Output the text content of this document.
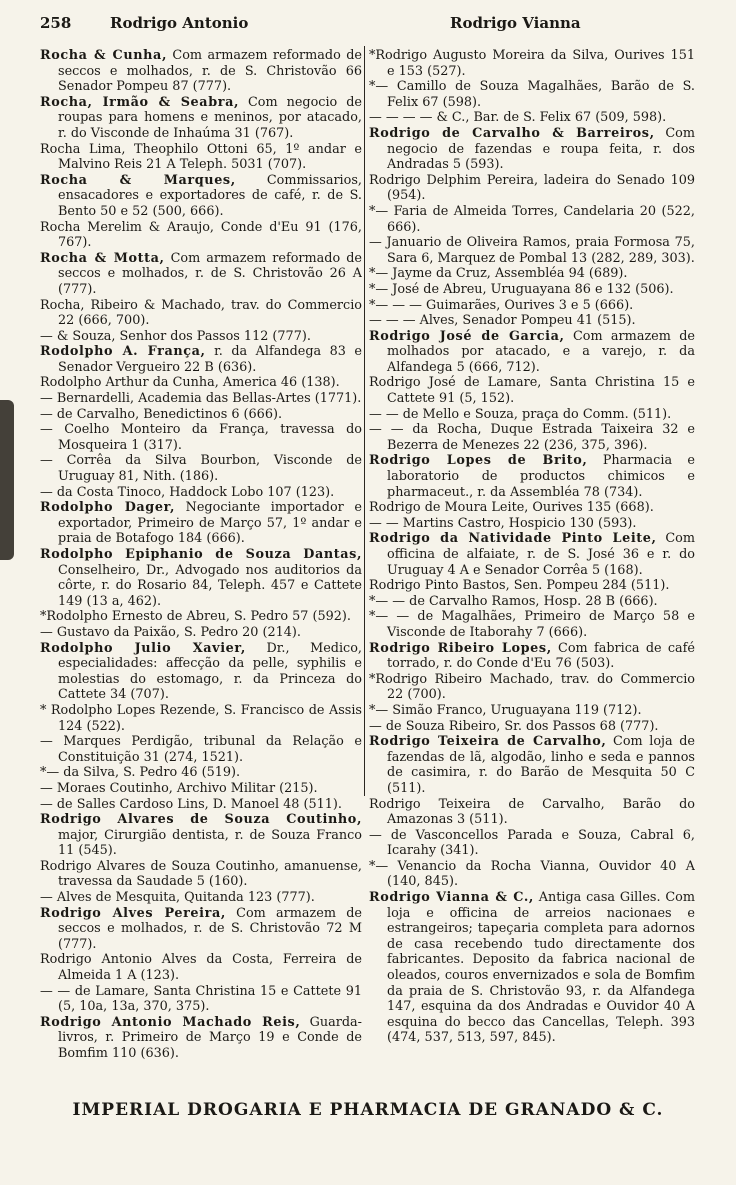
258	Rodrigo Antonio	Rodrigo Vianna

Rocha & Cunha, Com armazem reformado de seccos e molhados, r. de S. Christovão 66 Senador Pompeu 87 (777).

Rocha, Irmão & Seabra, Com negocio de roupas para homens e meninos, por atacado, r. do Visconde de Inhaúma 31 (767).

Rocha Lima, Theophilo Ottoni 65, 1º andar e Malvino Reis 21 A Teleph. 5031 (707).

Rocha & Marques, Commissarios, ensacadores e exportadores de café, r. de S. Bento 50 e 52 (500, 666).

Rocha Merelim & Araujo, Conde d'Eu 91 (176, 767).

Rocha & Motta, Com armazem reformado de seccos e molhados, r. de S. Christovão 26 A (777).

Rocha, Ribeiro & Machado, trav. do Commercio 22 (666, 700).

— & Souza, Senhor dos Passos 112 (777).

Rodolpho A. França, r. da Alfandega 83 e Senador Vergueiro 22 B (636).

Rodolpho Arthur da Cunha, America 46 (138).

— Bernardelli, Academia das Bellas-Artes (1771).

— de Carvalho, Benedictinos 6 (666).

— Coelho Monteiro da França, travessa do Mosqueira 1 (317).

— Corrêa da Silva Bourbon, Visconde de Uruguay 81, Nith. (186).

— da Costa Tinoco, Haddock Lobo 107 (123).

Rodolpho Dager, Negociante importador e exportador, Primeiro de Março 57, 1º andar e praia de Botafogo 184 (666).

Rodolpho Epiphanio de Souza Dantas, Conselheiro, Dr., Advogado nos auditorios da côrte, r. do Rosario 84, Teleph. 457 e Cattete 149 (13 a, 462).

*Rodolpho Ernesto de Abreu, S. Pedro 57 (592).

— Gustavo da Paixão, S. Pedro 20 (214).

Rodolpho Julio Xavier, Dr., Medico, especialidades: affecção da pelle, syphilis e molestias do estomago, r. da Princeza do Cattete 34 (707).

* Rodolpho Lopes Rezende, S. Francisco de Assis 124 (522).

— Marques Perdigão, tribunal da Relação e Constituição 31 (274, 1521).

*— da Silva, S. Pedro 46 (519).

— Moraes Coutinho, Archivo Militar (215).

— de Salles Cardoso Lins, D. Manoel 48 (511).

Rodrigo Alvares de Souza Coutinho, major, Cirurgião dentista, r. de Souza Franco 11 (545).

Rodrigo Alvares de Souza Coutinho, amanuense, travessa da Saudade 5 (160).

— Alves de Mesquita, Quitanda 123 (777).

Rodrigo Alves Pereira, Com armazem de seccos e molhados, r. de S. Christovão 72 M (777).

Rodrigo Antonio Alves da Costa, Ferreira de Almeida 1 A (123).

— — de Lamare, Santa Christina 15 e Cattete 91 (5, 10a, 13a, 370, 375).

Rodrigo Antonio Machado Reis, Guarda-livros, r. Primeiro de Março 19 e Conde de Bomfim 110 (636).

*Rodrigo Augusto Moreira da Silva, Ourives 151 e 153 (527).

*— Camillo de Souza Magalhães, Barão de S. Felix 67 (598).

— — — — & C., Bar. de S. Felix 67 (509, 598).

Rodrigo de Carvalho & Barreiros, Com negocio de fazendas e roupa feita, r. dos Andradas 5 (593).

Rodrigo Delphim Pereira, ladeira do Senado 109 (954).

*— Faria de Almeida Torres, Candelaria 20 (522, 666).

— Januario de Oliveira Ramos, praia Formosa 75, Sara 6, Marquez de Pombal 13 (282, 289, 303).

*— Jayme da Cruz, Assembléa 94 (689).

*— José de Abreu, Uruguayana 86 e 132 (506).

*— — — Guimarães, Ourives 3 e 5 (666).

— — — Alves, Senador Pompeu 41 (515).

Rodrigo José de Garcia, Com armazem de molhados por atacado, e a varejo, r. da Alfandega 5 (666, 712).

Rodrigo José de Lamare, Santa Christina 15 e Cattete 91 (5, 152).

— — de Mello e Souza, praça do Comm. (511).

— — da Rocha, Duque Estrada Taixeira 32 e Bezerra de Menezes 22 (236, 375, 396).

Rodrigo Lopes de Brito, Pharmacia e laboratorio de productos chimicos e pharmaceut., r. da Assembléa 78 (734).

Rodrigo de Moura Leite, Ourives 135 (668).

— — Martins Castro, Hospicio 130 (593).

Rodrigo da Natividade Pinto Leite, Com officina de alfaiate, r. de S. José 36 e r. do Uruguay 4 A e Senador Corrêa 5 (168).

Rodrigo Pinto Bastos, Sen. Pompeu 284 (511).

*— — de Carvalho Ramos, Hosp. 28 B (666).

*— — de Magalhães, Primeiro de Março 58 e Visconde de Itaborahy 7 (666).

Rodrigo Ribeiro Lopes, Com fabrica de café torrado, r. do Conde d'Eu 76 (503).

*Rodrigo Ribeiro Machado, trav. do Commercio 22 (700).

*— Simão Franco, Uruguayana 119 (712).

— de Souza Ribeiro, Sr. dos Passos 68 (777).

Rodrigo Teixeira de Carvalho, Com loja de fazendas de lã, algodão, linho e seda e pannos de casimira, r. do Barão de Mesquita 50 C (511).

Rodrigo Teixeira de Carvalho, Barão do Amazonas 3 (511).

— de Vasconcellos Parada e Souza, Cabral 6, Icarahy (341).

*— Venancio da Rocha Vianna, Ouvidor 40 A (140, 845).

Rodrigo Vianna & C., Antiga casa Gilles. Com loja e officina de arreios nacionaes e estrangeiros; tapeçaria completa para adornos de casa recebendo tudo directamente dos fabricantes. Deposito da fabrica nacional de oleados, couros envernizados e sola de Bomfim da praia de S. Christovão 93, r. da Alfandega 147, esquina da dos Andradas e Ouvidor 40 A esquina do becco das Cancellas, Teleph. 393 (474, 537, 513, 597, 845).

IMPERIAL DROGARIA E PHARMACIA DE GRANADO & C.
